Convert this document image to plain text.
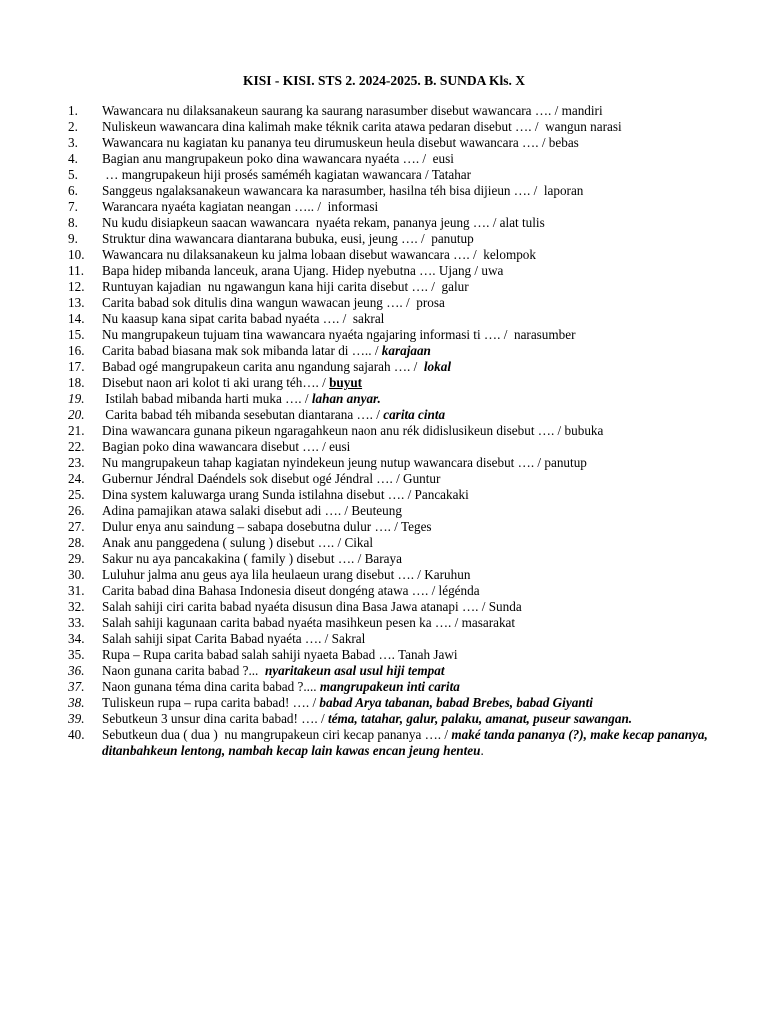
KISI - KISI. STS 2. 2024-2025. B. SUNDA Kls. X
1. Wawancara nu dilaksanakeun saurang ka saurang narasumber disebut wawancara …. / mandiri
2. Nuliskeun wawancara dina kalimah make téknik carita atawa pedaran disebut …. /  wangun narasi
3. Wawancara nu kagiatan ku pananya teu dirumuskeun heula disebut wawancara …. / bebas
4. Bagian anu mangrupakeun poko dina wawancara nyaéta …. /  eusi
5. … mangrupakeun hiji prosés saméméh kagiatan wawancara / Tatahar
6. Sanggeus ngalaksanakeun wawancara ka narasumber, hasilna téh bisa dijieun …. /  laporan
7. Warancara nyaéta kagiatan neangan ….. /  informasi
8. Nu kudu disiapkeun saacan wawancara  nyaéta rekam, pananya jeung …. / alat tulis
9. Struktur dina wawancara diantarana bubuka, eusi, jeung …. /  panutup
10. Wawancara nu dilaksanakeun ku jalma lobaan disebut wawancara …. /  kelompok
11. Bapa hidep mibanda lanceuk, arana Ujang. Hidep nyebutna …. Ujang / uwa
12. Runtuyan kajadian  nu ngawangun kana hiji carita disebut …. /  galur
13. Carita babad sok ditulis dina wangun wawacan jeung …. /  prosa
14. Nu kaasup kana sipat carita babad nyaéta …. /  sakral
15. Nu mangrupakeun tujuam tina wawancara nyaéta ngajaring informasi ti …. /  narasumber
16. Carita babad biasana mak sok mibanda latar di ….. / karajaan
17. Babad ogé mangrupakeun carita anu ngandung sajarah …. /  lokal
18. Disebut naon ari kolot ti aki urang téh…. / buyut
19. Istilah babad mibanda harti muka …. / lahan anyar.
20. Carita babad téh mibanda sesebutan diantarana …. / carita cinta
21. Dina wawancara gunana pikeun ngaragahkeun naon anu rék didislusikeun disebut …. / bubuka
22. Bagian poko dina wawancara disebut …. / eusi
23. Nu mangrupakeun tahap kagiatan nyindekeun jeung nutup wawancara disebut …. / panutup
24. Gubernur Jéndral Daéndels sok disebut ogé Jéndral …. / Guntur
25. Dina system kaluwarga urang Sunda istilahna disebut …. / Pancakaki
26. Adina pamajikan atawa salaki disebut adi …. / Beuteung
27. Dulur enya anu saindung – sabapa dosebutna dulur …. / Teges
28. Anak anu panggedena ( sulung ) disebut …. / Cikal
29. Sakur nu aya pancakakina ( family ) disebut …. / Baraya
30. Luluhur jalma anu geus aya lila heulaeun urang disebut …. / Karuhun
31. Carita babad dina Bahasa Indonesia diseut dongéng atawa …. / légénda
32. Salah sahiji ciri carita babad nyaéta disusun dina Basa Jawa atanapi …. / Sunda
33. Salah sahiji kagunaan carita babad nyaéta masihkeun pesen ka …. / masarakat
34. Salah sahiji sipat Carita Babad nyaéta …. / Sakral
35. Rupa – Rupa carita babad salah sahiji nyaeta Babad …. Tanah Jawi
36. Naon gunana carita babad ?...  nyaritakeun asal usul hiji tempat
37. Naon gunana téma dina carita babad ?.... mangrupakeun inti carita
38. Tuliskeun rupa – rupa carita babad! …. / babad Arya tabanan, babad Brebes, babad Giyanti
39. Sebutkeun 3 unsur dina carita babad! …. / téma, tatahar, galur, palaku, amanat, puseur sawangan.
40. Sebutkeun dua ( dua )  nu mangrupakeun ciri kecap pananya …. / maké tanda pananya (?), make kecap pananya, ditanbahkeun lentong, nambah kecap lain kawas encan jeung henteu.
